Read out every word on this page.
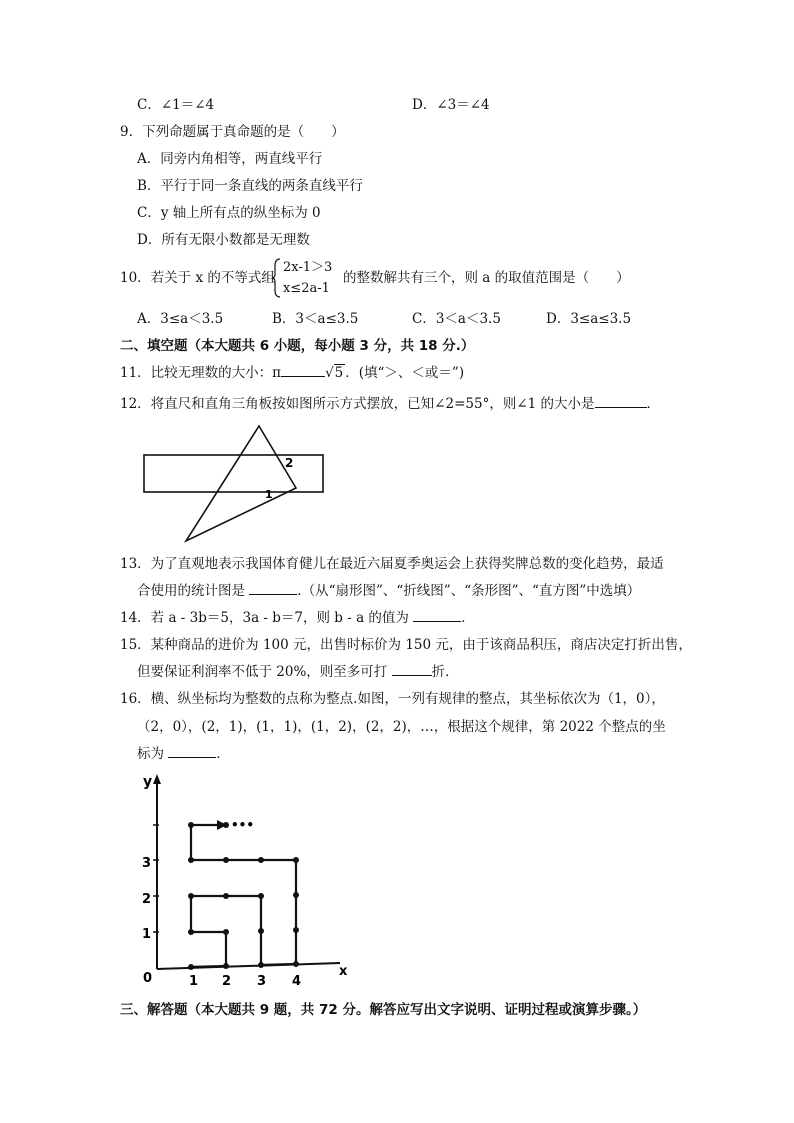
C．∠1＝∠4	D．∠3＝∠4
9．下列命题属于真命题的是（　　）
A．同旁内角相等，两直线平行
B．平行于同一条直线的两条直线平行
C．y 轴上所有点的纵坐标为 0
D．所有无限小数都是无理数
10．若关于 x 的不等式组
2x-1＞3
x≤2a-1
的整数解共有三个，则 a 的取值范围是（　　）
A．3≤a＜3.5	B．3＜a≤3.5	C．3＜a＜3.5	D．3≤a≤3.5
二、填空题（本大题共 6 小题，每小题 3 分，共 18 分.）
11．比较无理数的大小：π	√5 ．(填“＞、＜或＝”)
12．将直尺和直角三角板按如图所示方式摆放，已知∠2=55°，则∠1 的大小是	．
2
1
13．为了直观地表示我国体育健儿在最近六届夏季奥运会上获得奖牌总数的变化趋势，最适
合使用的统计图是	.（从“扇形图”、“折线图”、“条形图”、“直方图”中选填）
14．若 a - 3b＝5，3a - b＝7，则 b - a 的值为	．
15．某种商品的进价为 100 元，出售时标价为 150 元，由于该商品积压，商店决定打折出售，
但要保证利润率不低于 20%，则至多可打	折．
16．横、纵坐标均为整数的点称为整点.如图，一列有规律的整点，其坐标依次为（1，0），
（2，0），(2，1)，(1，1)，(1，2)，(2，2)，…，根据这个规律，第 2022 个整点的坐
标为	．
y
x
0	1 2 3 4
1
2
3
•••
三、解答题（本大题共 9 题，共 72 分。解答应写出文字说明、证明过程或演算步骤。）
